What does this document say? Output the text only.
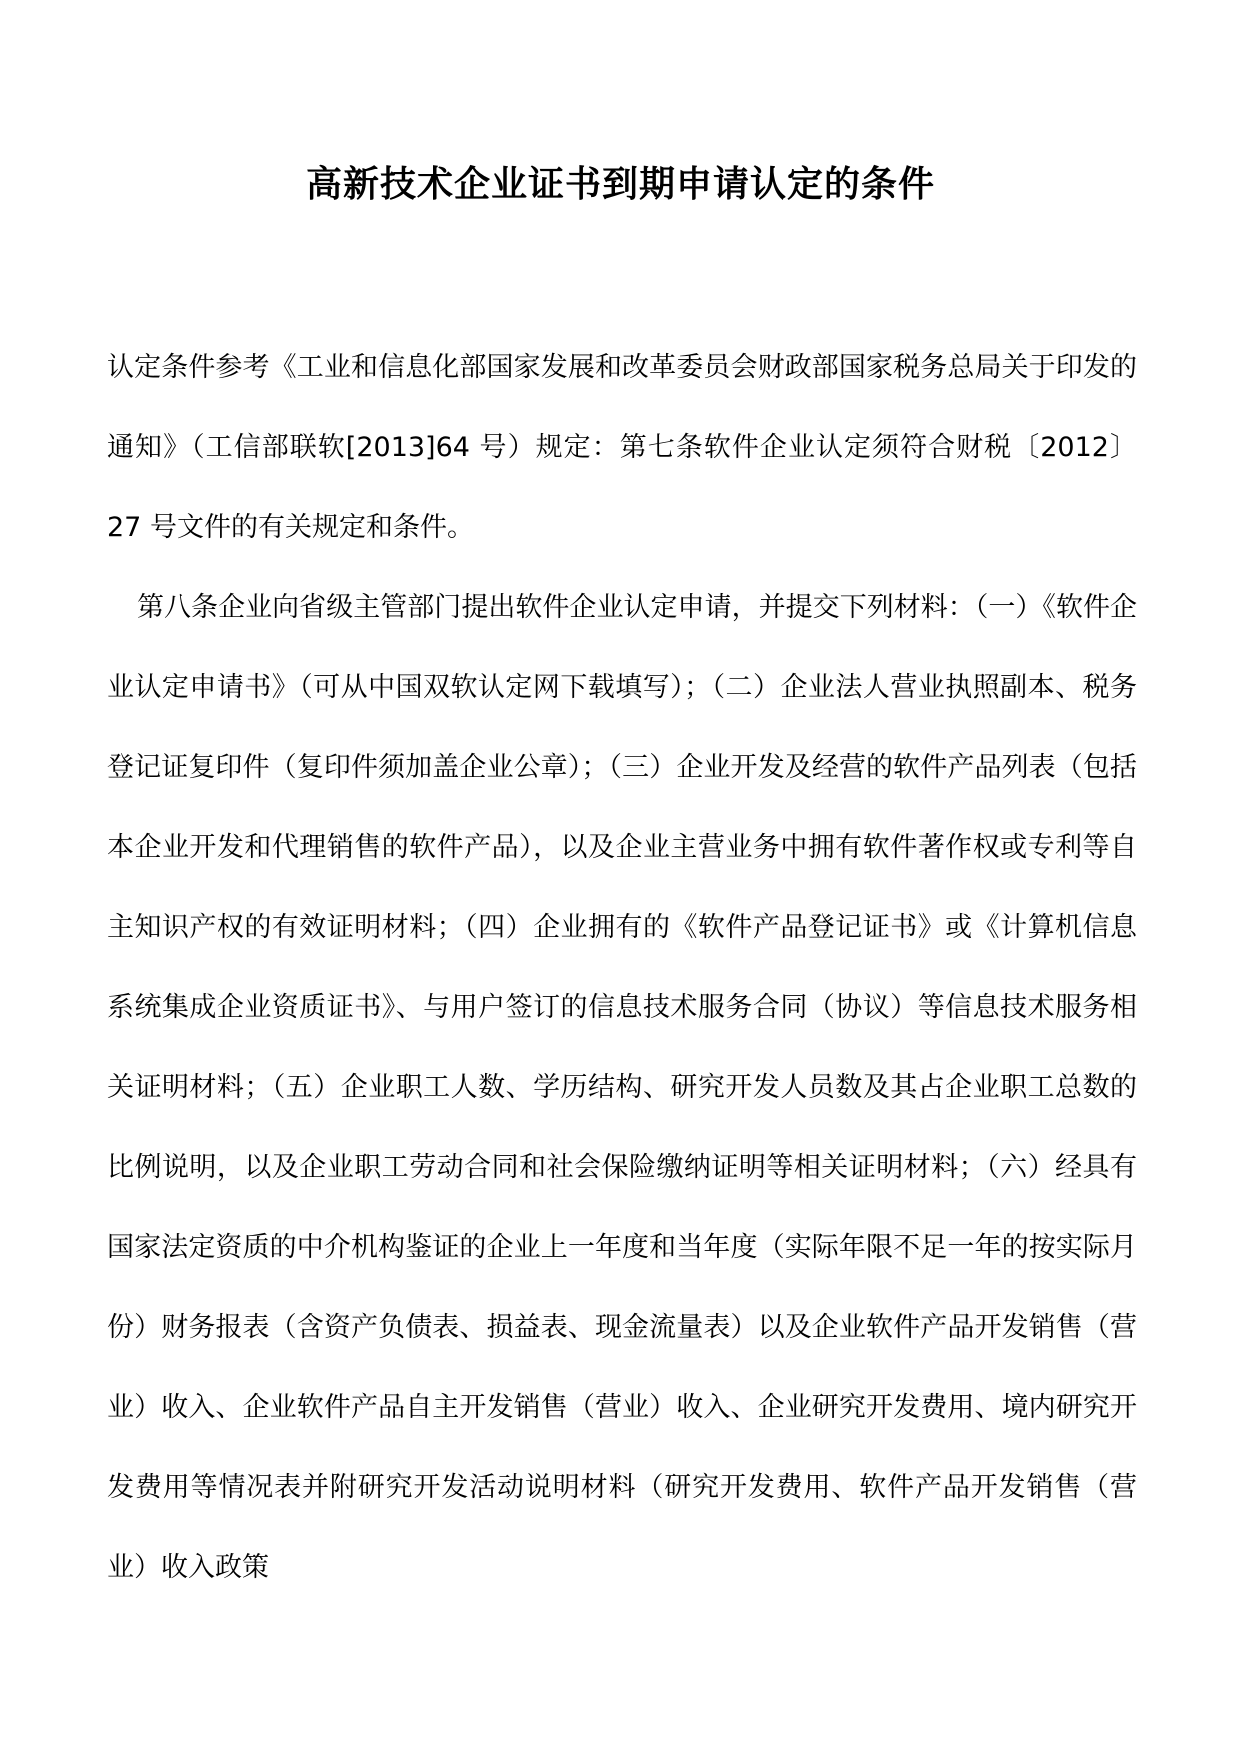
高新技术企业证书到期申请认定的条件

认定条件参考《工业和信息化部国家发展和改革委员会财政部国家税务总局关于印发的通知》（工信部联软[2013]64 号）规定：第七条软件企业认定须符合财税〔2012〕27 号文件的有关规定和条件。

第八条企业向省级主管部门提出软件企业认定申请，并提交下列材料：（一）《软件企业认定申请书》（可从中国双软认定网下载填写）；（二）企业法人营业执照副本、税务登记证复印件（复印件须加盖企业公章）；（三）企业开发及经营的软件产品列表（包括本企业开发和代理销售的软件产品），以及企业主营业务中拥有软件著作权或专利等自主知识产权的有效证明材料；（四）企业拥有的《软件产品登记证书》或《计算机信息系统集成企业资质证书》、与用户签订的信息技术服务合同（协议）等信息技术服务相关证明材料；（五）企业职工人数、学历结构、研究开发人员数及其占企业职工总数的比例说明，以及企业职工劳动合同和社会保险缴纳证明等相关证明材料；（六）经具有国家法定资质的中介机构鉴证的企业上一年度和当年度（实际年限不足一年的按实际月份）财务报表（含资产负债表、损益表、现金流量表）以及企业软件产品开发销售（营业）收入、企业软件产品自主开发销售（营业）收入、企业研究开发费用、境内研究开发费用等情况表并附研究开发活动说明材料（研究开发费用、软件产品开发销售（营业）收入政策
